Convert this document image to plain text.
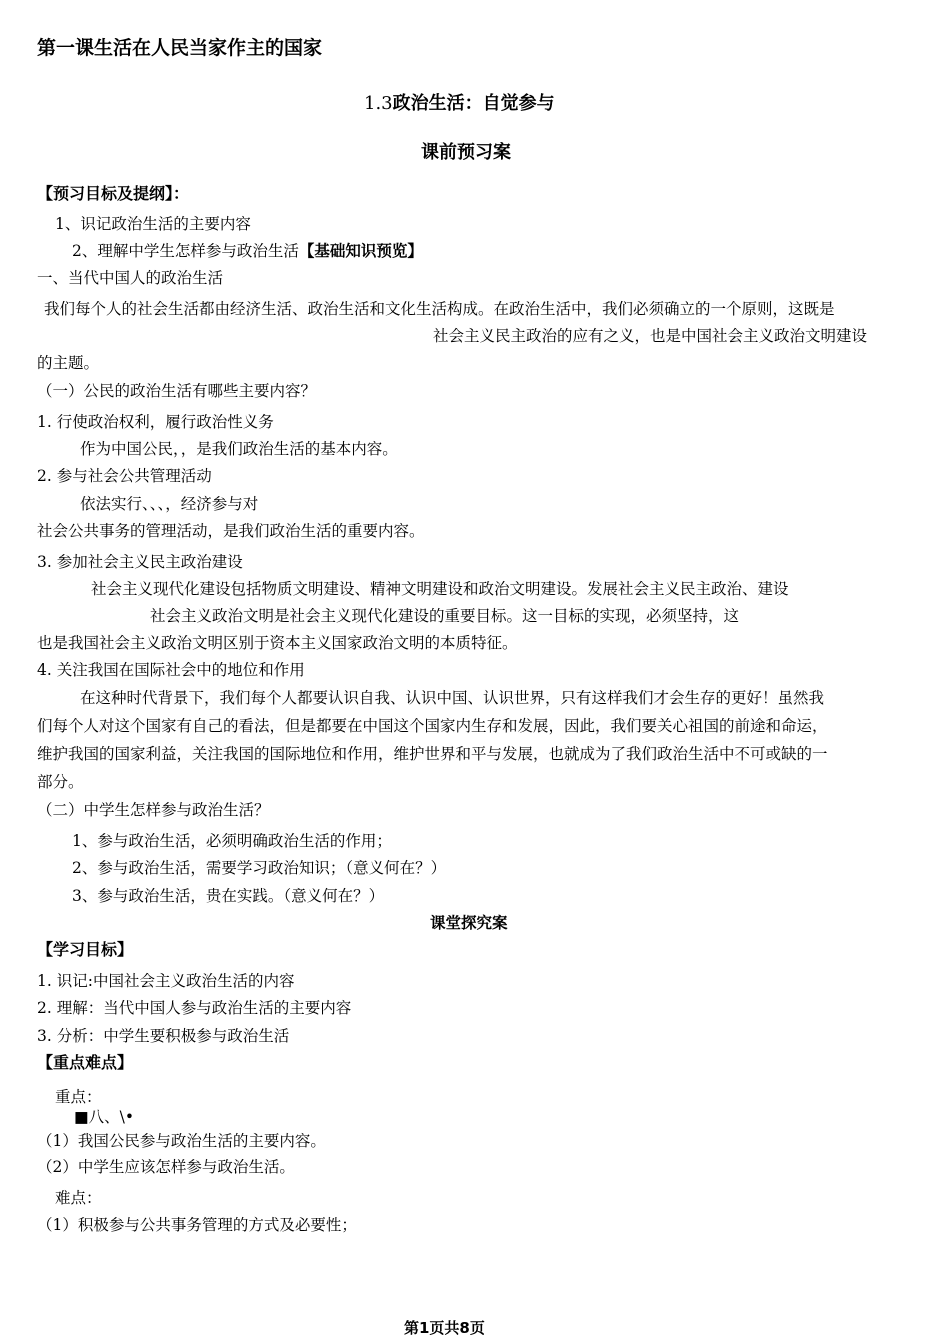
第一课生活在人民当家作主的国家
1.3政治生活：自觉参与
课前预习案
【预习目标及提纲】：
1、识记政治生活的主要内容
2、理解中学生怎样参与政治生活【基础知识预览】
一、当代中国人的政治生活
我们每个人的社会生活都由经济生活、政治生活和文化生活构成。在政治生活中，我们必须确立的一个原则，这既是
社会主义民主政治的应有之义，也是中国社会主义政治文明建设
的主题。
（一）公民的政治生活有哪些主要内容？
1. 行使政治权利，履行政治性义务
作为中国公民，，是我们政治生活的基本内容。
2. 参与社会公共管理活动
依法实行、、、，经济参与对
社会公共事务的管理活动，是我们政治生活的重要内容。
3. 参加社会主义民主政治建设
社会主义现代化建设包括物质文明建设、精神文明建设和政治文明建设。发展社会主义民主政治、建设
社会主义政治文明是社会主义现代化建设的重要目标。这一目标的实现，必须坚持，这
也是我国社会主义政治文明区别于资本主义国家政治文明的本质特征。
4. 关注我国在国际社会中的地位和作用
在这种时代背景下，我们每个人都要认识自我、认识中国、认识世界，只有这样我们才会生存的更好！虽然我
们每个人对这个国家有自己的看法，但是都要在中国这个国家内生存和发展，因此，我们要关心祖国的前途和命运，
维护我国的国家利益，关注我国的国际地位和作用，维护世界和平与发展，也就成为了我们政治生活中不可或缺的一
部分。
（二）中学生怎样参与政治生活？
1、参与政治生活，必须明确政治生活的作用；
2、参与政治生活，需要学习政治知识；（意义何在？）
3、参与政治生活，贵在实践。（意义何在？）
课堂探究案
【学习目标】
1. 识记:中国社会主义政治生活的内容
2. 理解：当代中国人参与政治生活的主要内容
3. 分析：中学生要积极参与政治生活
【重点难点】
重点：
■八、\•
（1）我国公民参与政治生活的主要内容。
（2）中学生应该怎样参与政治生活。
难点：
（1）积极参与公共事务管理的方式及必要性；
第1页共8页
